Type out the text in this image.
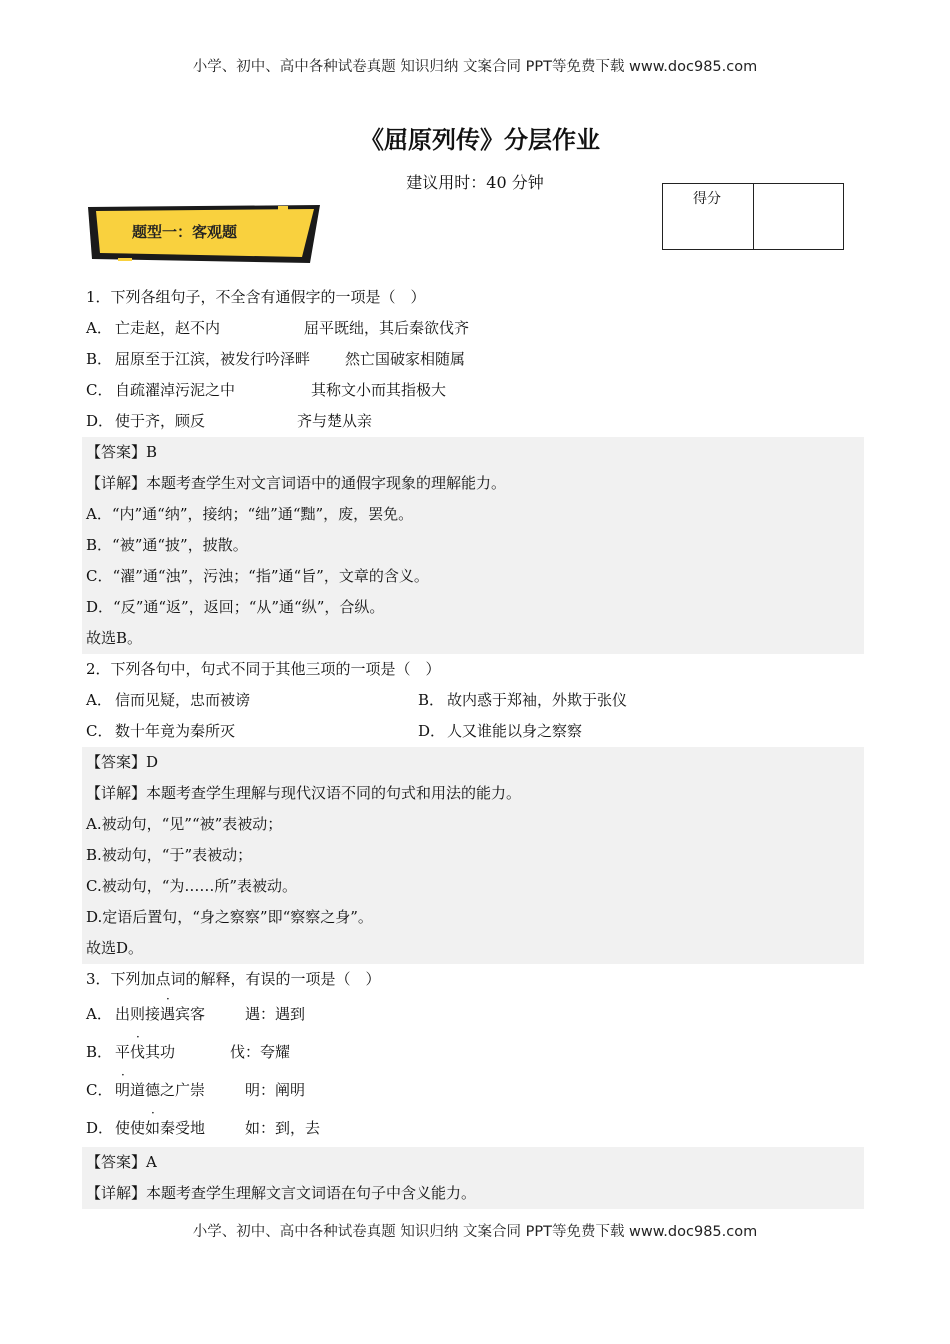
小学、初中、高中各种试卷真题 知识归纳 文案合同 PPT等免费下载 www.doc985.com
《屈原列传》分层作业
建议用时：40 分钟
得分
题型一：客观题
1．下列各组句子，不全含有通假字的一项是（　）
A． 亡走赵，赵不内	屈平既绌，其后秦欲伐齐
B． 屈原至于江滨，被发行吟泽畔 然亡国破家相随属
C． 自疏濯淖污泥之中	其称文小而其指极大
D． 使于齐，顾反	齐与楚从亲
【答案】B
【详解】本题考查学生对文言词语中的通假字现象的理解能力。
A．“内”通“纳”，接纳；“绌”通“黜”，废，罢免。
B．“被”通“披”，披散。
C．“濯”通“浊”，污浊；“指”通“旨”，文章的含义。
D．“反”通“返”，返回；“从”通“纵”，合纵。
故选B。
2．下列各句中，句式不同于其他三项的一项是（　）
A． 信而见疑，忠而被谤	B． 故内惑于郑袖，外欺于张仪
C． 数十年竟为秦所灭	D． 人又谁能以身之察察
【答案】D
【详解】本题考查学生理解与现代汉语不同的句式和用法的能力。
A.被动句，“见”“被”表被动；
B.被动句，“于”表被动；
C.被动句，“为……所”表被动。
D.定语后置句，“身之察察”即“察察之身”。
故选D。
3．下列加点词的解释，有误的一项是（　）
A． 出则接
·
遇宾客	遇：遇到
B． 平
·
伐其功	伐：夸耀
C．
·
明道德之广崇	明：阐明
D． 使使
·
如秦受地	如：到，去
【答案】A
【详解】本题考查学生理解文言文词语在句子中含义能力。
小学、初中、高中各种试卷真题 知识归纳 文案合同 PPT等免费下载 www.doc985.com
